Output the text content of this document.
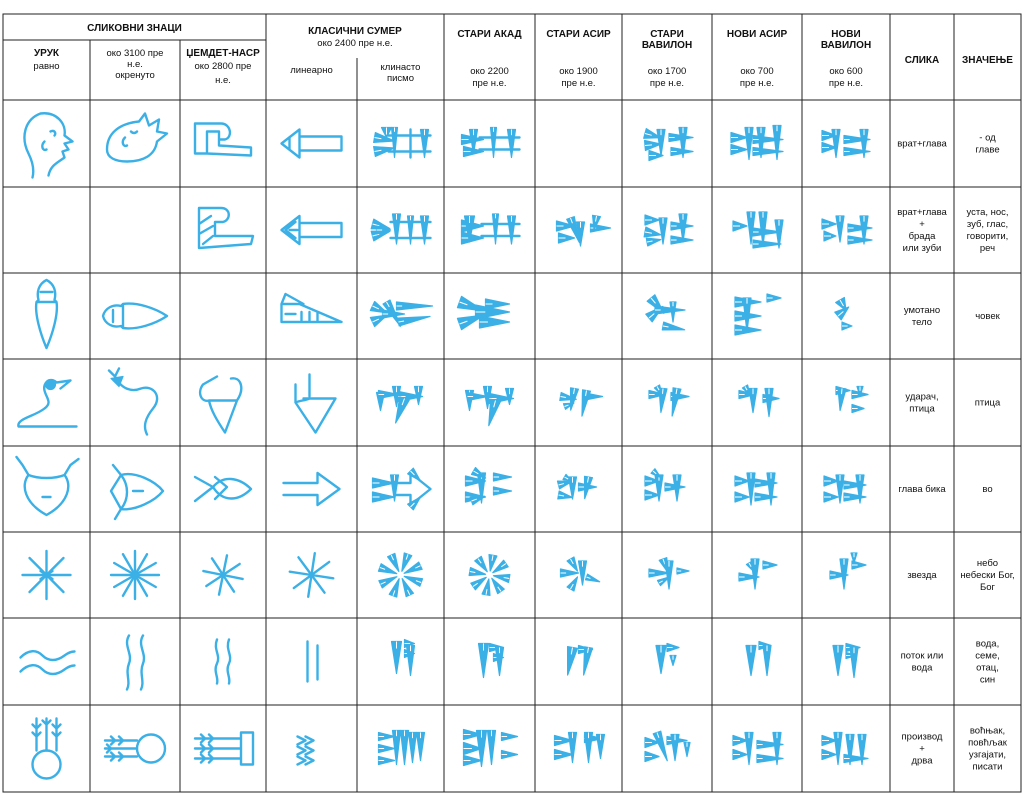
СЛИКОВНИ ЗНАЦИ
УРУК
равно
око 3100 пре н.е. окренуто
ЏЕМДЕТ-НАСР
око 2800 пре н.е.
КЛАСИЧНИ СУМЕР
око 2400 пре н.е.
линеарно	клинасто писмо
СТАРИ АКАД
око 2200 пре н.е.
СТАРИ АСИР
око 1900 пре н.е.
СТАРИ ВАВИЛОН
око 1700 пре н.е.
НОВИ АСИР
око 700 пре н.е.
НОВИ ВАВИЛОН
око 600 пре н.е.
СЛИКА ЗНАЧЕЊЕ
врат+глава
- од главе
врат+глава + брада или зуби
уста, нос, зуб, глас, говорити, реч
умотано тело
човек
ударач, птица
птица
глава бика	во
звезда
небо небески Бог, Бог
поток или вода
вода, семе, отац, син
производ + дрва
воћњак, повћљак узгајати, писати
